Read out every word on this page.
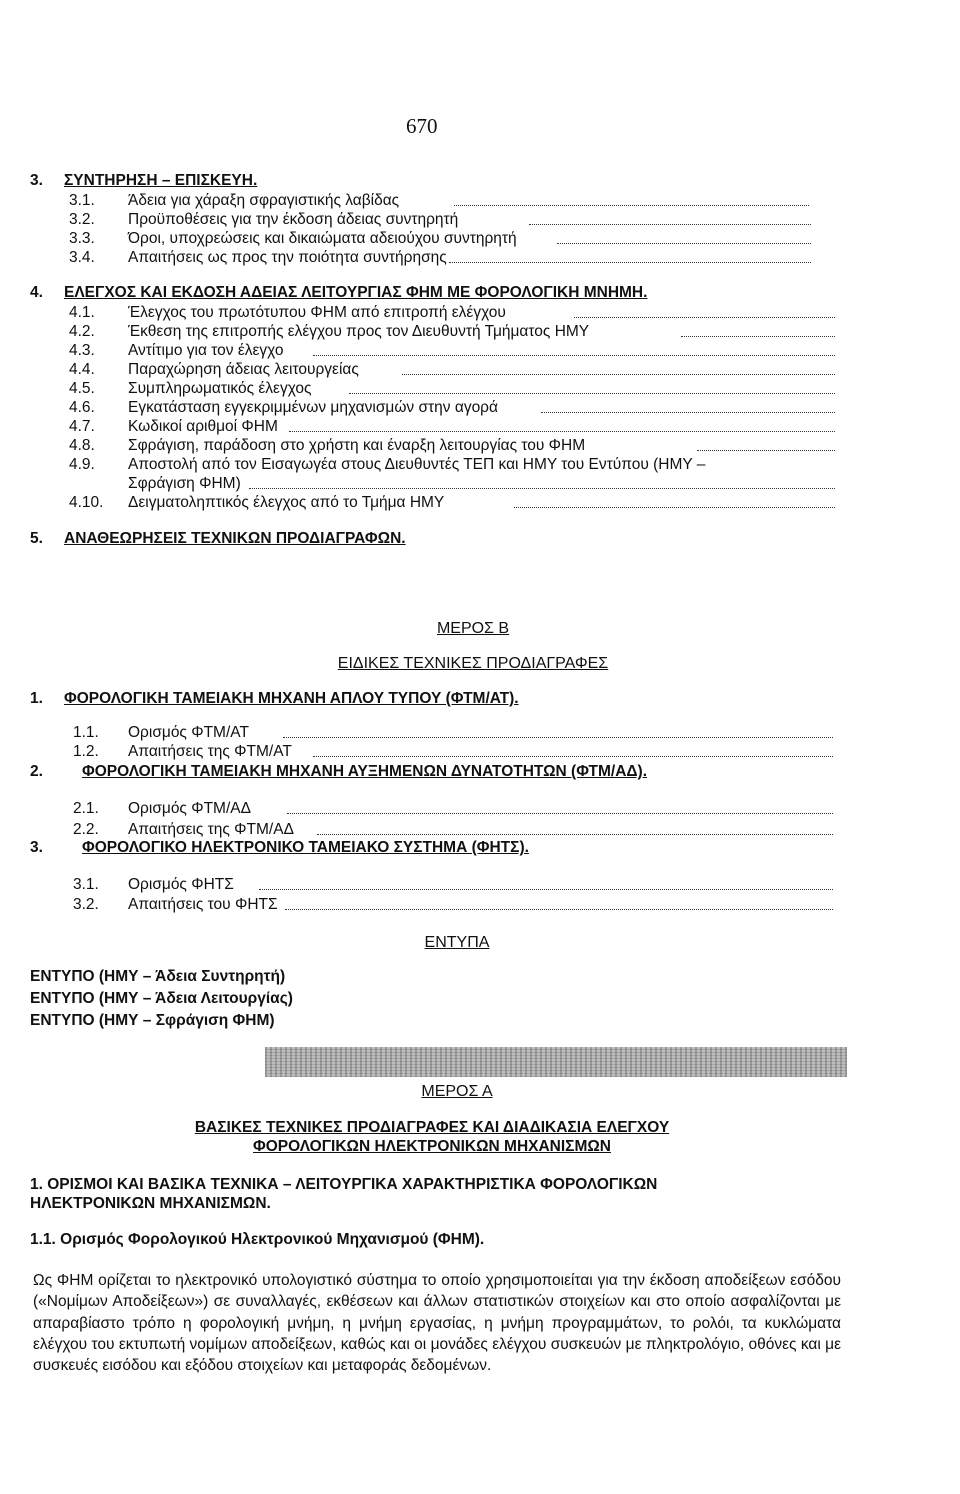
670
3. ΣΥΝΤΗΡΗΣΗ – ΕΠΙΣΚΕΥΗ.
3.1. Άδεια για χάραξη σφραγιστικής λαβίδας
3.2. Προϋποθέσεις για την έκδοση άδειας συντηρητή
3.3. Όροι, υποχρεώσεις και δικαιώματα αδειούχου συντηρητή
3.4. Απαιτήσεις ως προς την ποιότητα συντήρησης
4. ΕΛΕΓΧΟΣ ΚΑΙ ΕΚΔΟΣΗ ΑΔΕΙΑΣ ΛΕΙΤΟΥΡΓΙΑΣ ΦΗΜ ΜΕ ΦΟΡΟΛΟΓΙΚΗ ΜΝΗΜΗ.
4.1. Έλεγχος του πρωτότυπου ΦΗΜ από επιτροπή ελέγχου
4.2. Έκθεση της επιτροπής ελέγχου προς τον Διευθυντή Τμήματος ΗΜΥ
4.3. Αντίτιμο για τον έλεγχο
4.4. Παραχώρηση άδειας λειτουργείας
4.5. Συμπληρωματικός έλεγχος
4.6. Εγκατάσταση εγγεκριμμένων μηχανισμών στην αγορά
4.7. Κωδικοί αριθμοί ΦΗΜ
4.8. Σφράγιση, παράδοση στο χρήστη και έναρξη λειτουργίας του ΦΗΜ
4.9. Αποστολή από τον Εισαγωγέα στους Διευθυντές ΤΕΠ και ΗΜΥ του Εντύπου (ΗΜΥ –
Σφράγιση ΦΗΜ)
4.10. Δειγματοληπτικός έλεγχος από το Τμήμα ΗΜΥ
5. ΑΝΑΘΕΩΡΗΣΕΙΣ ΤΕΧΝΙΚΩΝ ΠΡΟΔΙΑΓΡΑΦΩΝ.
ΜΕΡΟΣ Β
ΕΙΔΙΚΕΣ ΤΕΧΝΙΚΕΣ ΠΡΟΔΙΑΓΡΑΦΕΣ
1. ΦΟΡΟΛΟΓΙΚΗ ΤΑΜΕΙΑΚΗ ΜΗΧΑΝΗ ΑΠΛΟΥ ΤΥΠΟΥ (ΦΤΜ/ΑΤ).
1.1. Ορισμός ΦΤΜ/ΑΤ
1.2. Απαιτήσεις της ΦΤΜ/ΑΤ
2.	ΦΟΡΟΛΟΓΙΚΗ ΤΑΜΕΙΑΚΗ ΜΗΧΑΝΗ ΑΥΞΗΜΕΝΩΝ ΔΥΝΑΤΟΤΗΤΩΝ (ΦΤΜ/ΑΔ).
2.1. Ορισμός ΦΤΜ/ΑΔ
2.2. Απαιτήσεις της ΦΤΜ/ΑΔ
3.	ΦΟΡΟΛΟΓΙΚΟ ΗΛΕΚΤΡΟΝΙΚΟ ΤΑΜΕΙΑΚΟ ΣΥΣΤΗΜΑ (ΦΗΤΣ).
3.1. Ορισμός ΦΗΤΣ
3.2. Απαιτήσεις του ΦΗΤΣ
ΕΝΤΥΠΑ
ΕΝΤΥΠΟ (ΗΜΥ – Άδεια Συντηρητή)
ΕΝΤΥΠΟ (ΗΜΥ – Άδεια Λειτουργίας)
ΕΝΤΥΠΟ (ΗΜΥ – Σφράγιση ΦΗΜ)
ΜΕΡΟΣ Α
ΒΑΣΙΚΕΣ ΤΕΧΝΙΚΕΣ ΠΡΟΔΙΑΓΡΑΦΕΣ ΚΑΙ ΔΙΑΔΙΚΑΣΙΑ ΕΛΕΓΧΟΥ
ΦΟΡΟΛΟΓΙΚΩΝ ΗΛΕΚΤΡΟΝΙΚΩΝ ΜΗΧΑΝΙΣΜΩΝ
1. ΟΡΙΣΜΟΙ ΚΑΙ ΒΑΣΙΚΑ ΤΕΧΝΙΚΑ – ΛΕΙΤΟΥΡΓΙΚΑ ΧΑΡΑΚΤΗΡΙΣΤΙΚΑ ΦΟΡΟΛΟΓΙΚΩΝ
ΗΛΕΚΤΡΟΝΙΚΩΝ ΜΗΧΑΝΙΣΜΩΝ.
1.1. Ορισμός Φορολογικού Ηλεκτρονικού Μηχανισμού (ΦΗΜ).

Ως ΦΗΜ ορίζεται το ηλεκτρονικό υπολογιστικό σύστημα το οποίο χρησιμοποιείται για την έκδοση αποδείξεων εσόδου («Νομίμων Αποδείξεων») σε συναλλαγές, εκθέσεων και άλλων στατιστικών στοιχείων και στο οποίο ασφαλίζονται με απαραβίαστο τρόπο η φορολογική μνήμη, η μνήμη εργασίας, η μνήμη προγραμμάτων, το ρολόι, τα κυκλώματα ελέγχου του εκτυπωτή νομίμων αποδείξεων, καθώς και οι μονάδες ελέγχου συσκευών με πληκτρολόγιο, οθόνες και με συσκευές εισόδου και εξόδου στοιχείων και μεταφοράς δεδομένων.
